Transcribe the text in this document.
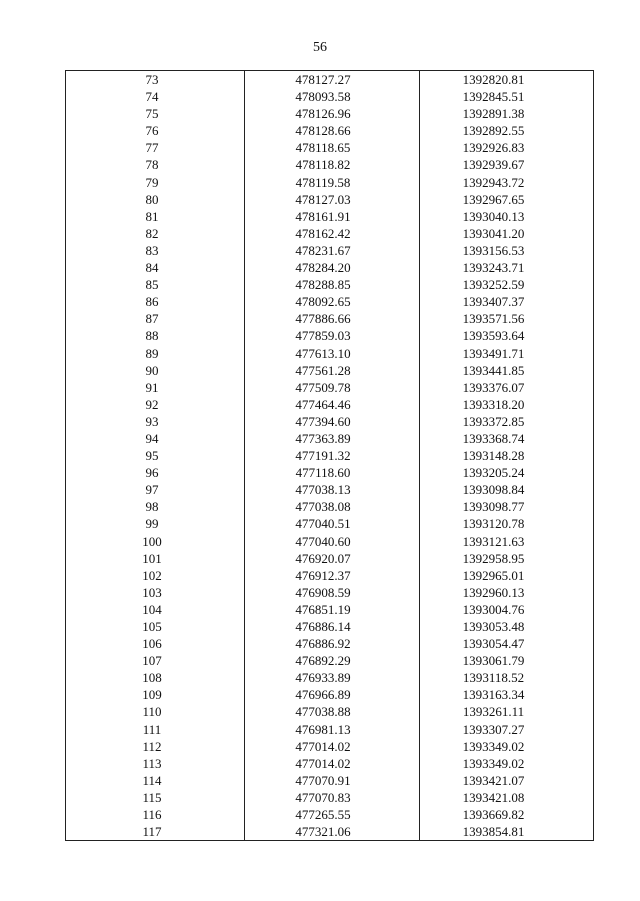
56
73	478127.27	1392820.81
74	478093.58	1392845.51
75	478126.96	1392891.38
76	478128.66	1392892.55
77	478118.65	1392926.83
78	478118.82	1392939.67
79	478119.58	1392943.72
80	478127.03	1392967.65
81	478161.91	1393040.13
82	478162.42	1393041.20
83	478231.67	1393156.53
84	478284.20	1393243.71
85	478288.85	1393252.59
86	478092.65	1393407.37
87	477886.66	1393571.56
88	477859.03	1393593.64
89	477613.10	1393491.71
90	477561.28	1393441.85
91	477509.78	1393376.07
92	477464.46	1393318.20
93	477394.60	1393372.85
94	477363.89	1393368.74
95	477191.32	1393148.28
96	477118.60	1393205.24
97	477038.13	1393098.84
98	477038.08	1393098.77
99	477040.51	1393120.78
100	477040.60	1393121.63
101	476920.07	1392958.95
102	476912.37	1392965.01
103	476908.59	1392960.13
104	476851.19	1393004.76
105	476886.14	1393053.48
106	476886.92	1393054.47
107	476892.29	1393061.79
108	476933.89	1393118.52
109	476966.89	1393163.34
110	477038.88	1393261.11
111	476981.13	1393307.27
112	477014.02	1393349.02
113	477014.02	1393349.02
114	477070.91	1393421.07
115	477070.83	1393421.08
116	477265.55	1393669.82
117	477321.06	1393854.81
